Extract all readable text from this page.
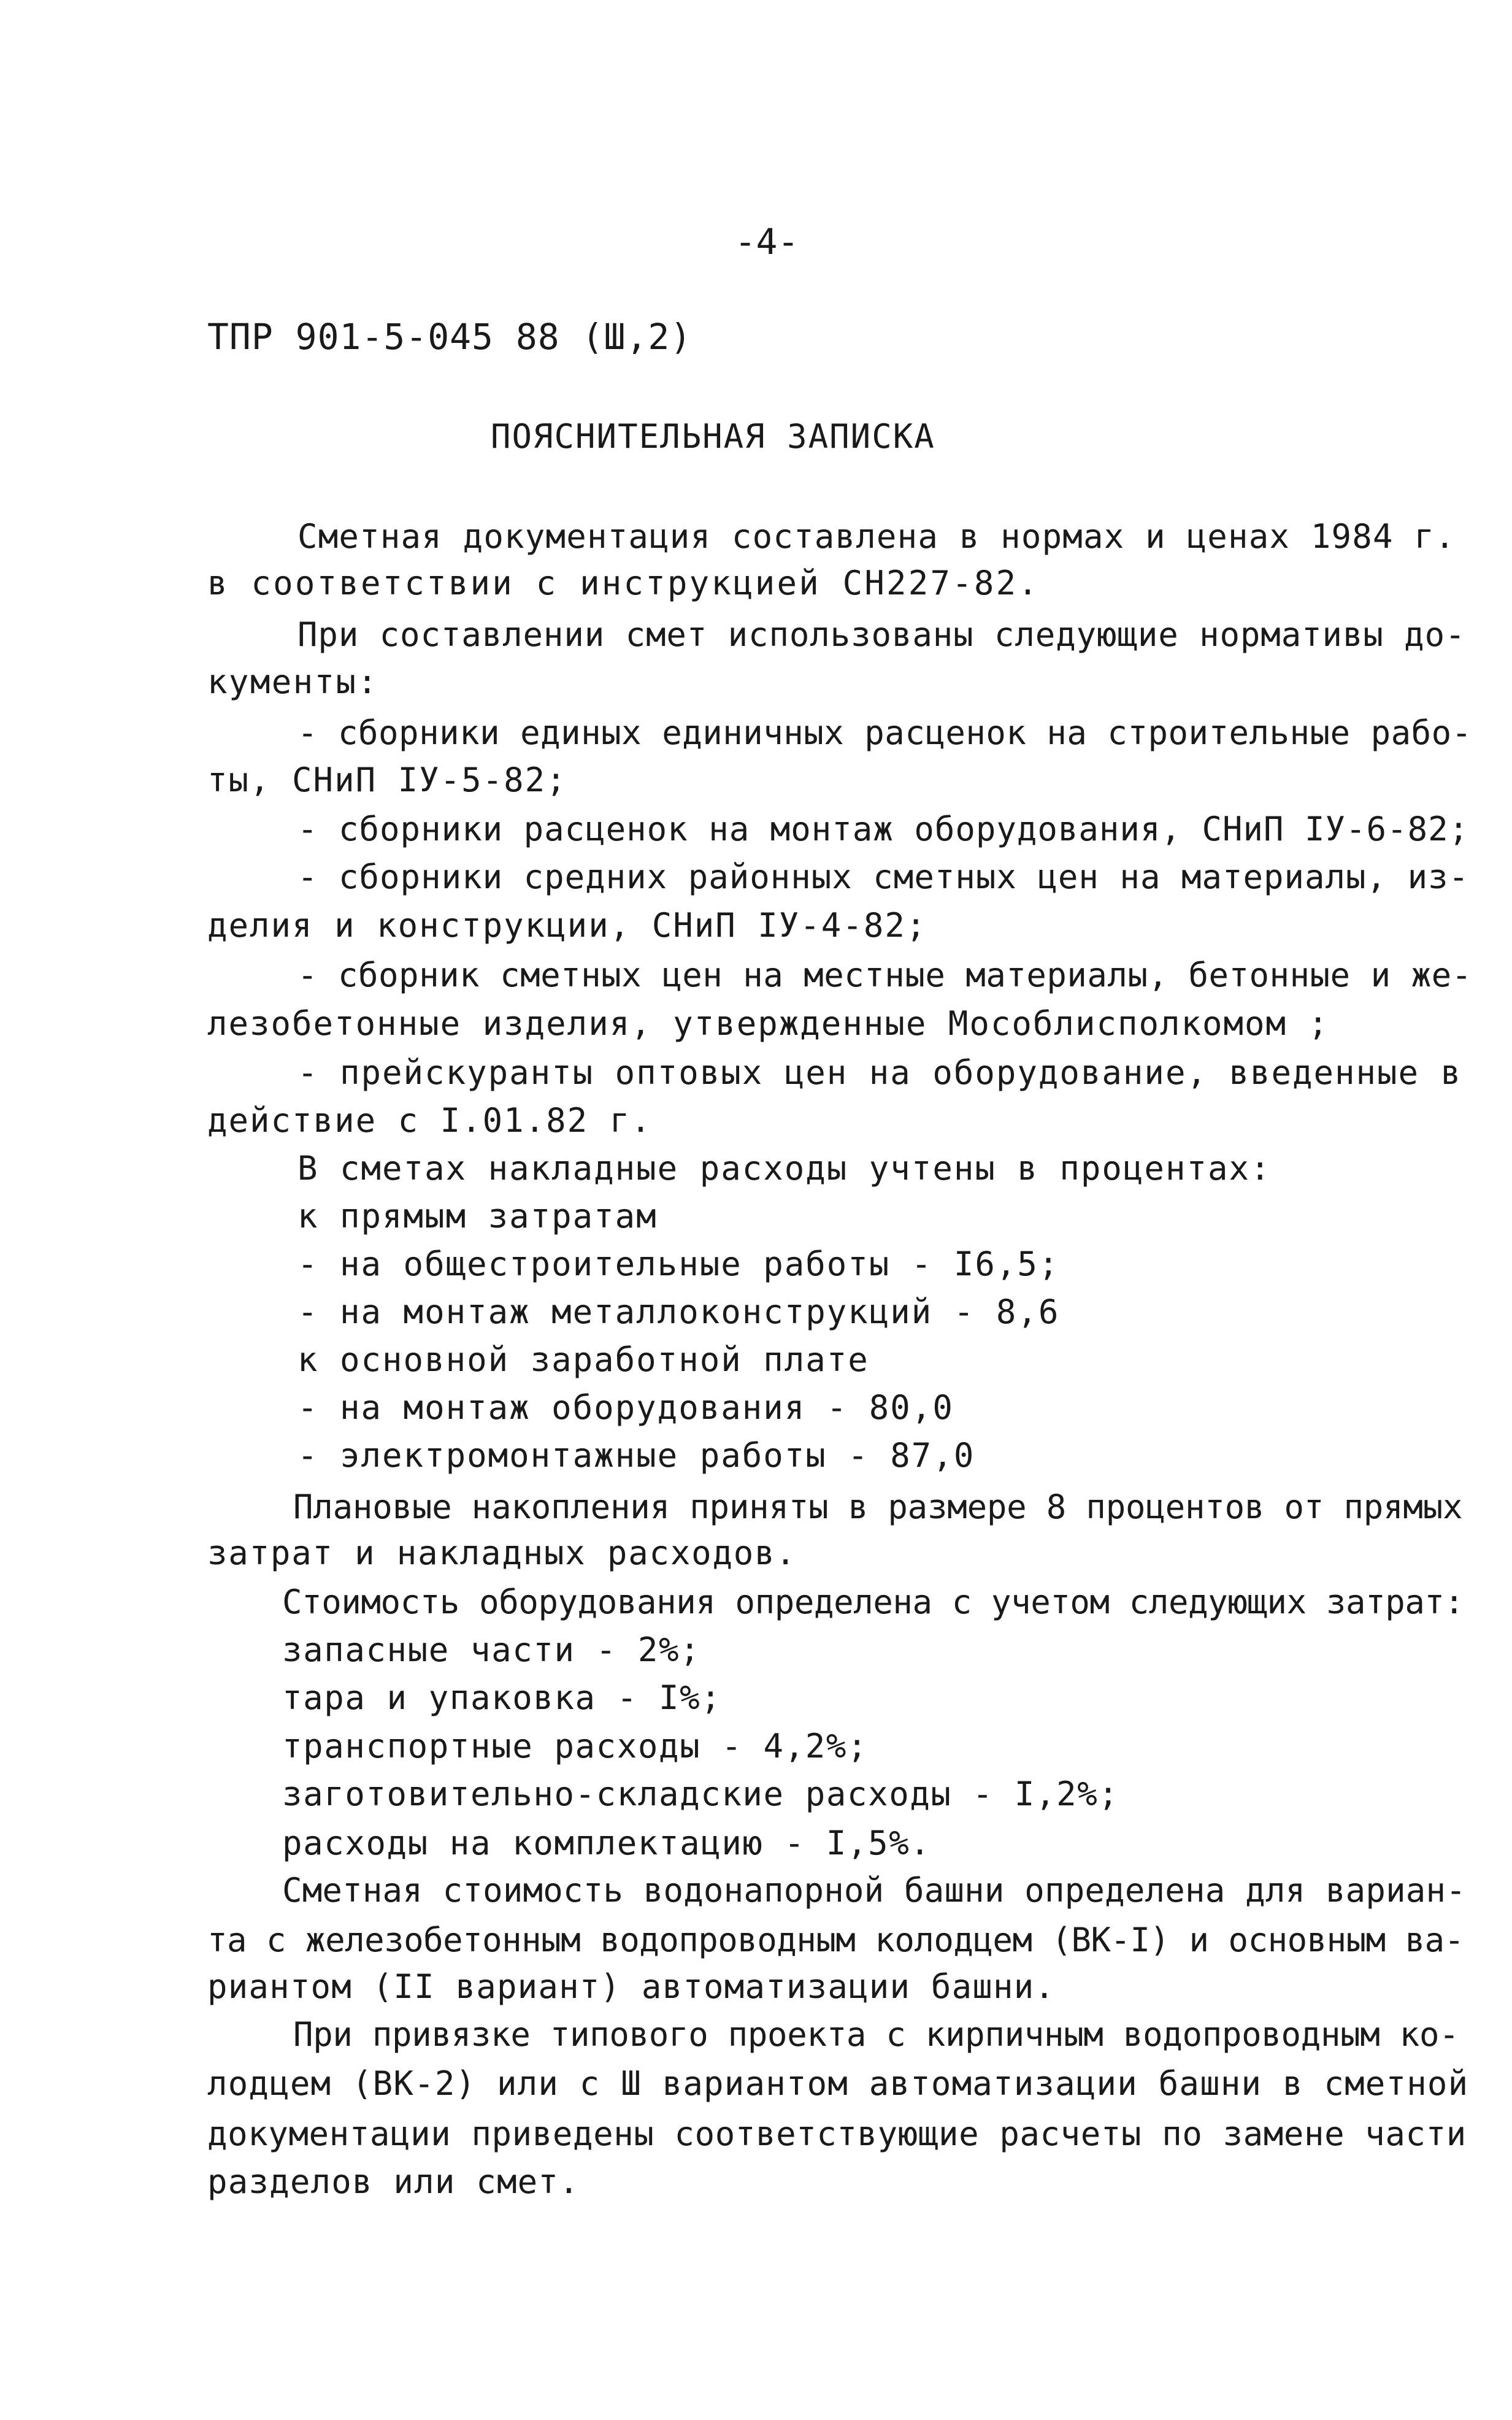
-4-
ТПР 901-5-045 88 (Ш,2)
ПОЯСНИТЕЛЬНАЯ ЗАПИСКА
Сметная документация составлена в нормах и ценах 1984 г.
в соответствии с инструкцией СН227-82.
При составлении смет использованы следующие нормативы до-
кументы:
- сборники единых единичных расценок на строительные рабо-
ты, СНиП IУ-5-82;
- сборники расценок на монтаж оборудования, СНиП IУ-6-82;
- сборники средних районных сметных цен на материалы, из-
делия и конструкции, СНиП IУ-4-82;
- сборник сметных цен на местные материалы, бетонные и же-
лезобетонные изделия, утвержденные Мособлисполкомом ;
- прейскуранты оптовых цен на оборудование, введенные в
действие с I.01.82 г.
В сметах накладные расходы учтены в процентах:
к прямым затратам
- на общестроительные работы - I6,5;
- на монтаж металлоконструкций - 8,6
к основной заработной плате
- на монтаж оборудования - 80,0
- электромонтажные работы - 87,0
Плановые накопления приняты в размере 8 процентов от прямых
затрат и накладных расходов.
Стоимость оборудования определена с учетом следующих затрат:
запасные части - 2%;
тара и упаковка - I%;
транспортные расходы - 4,2%;
заготовительно-складские расходы - I,2%;
расходы на комплектацию - I,5%.
Сметная стоимость водонапорной башни определена для вариан-
та с железобетонным водопроводным колодцем (ВК-I) и основным ва-
риантом (II вариант) автоматизации башни.
При привязке типового проекта с кирпичным водопроводным ко-
лодцем (ВК-2) или с Ш вариантом автоматизации башни в сметной
документации приведены соответствующие расчеты по замене части
разделов или смет.
